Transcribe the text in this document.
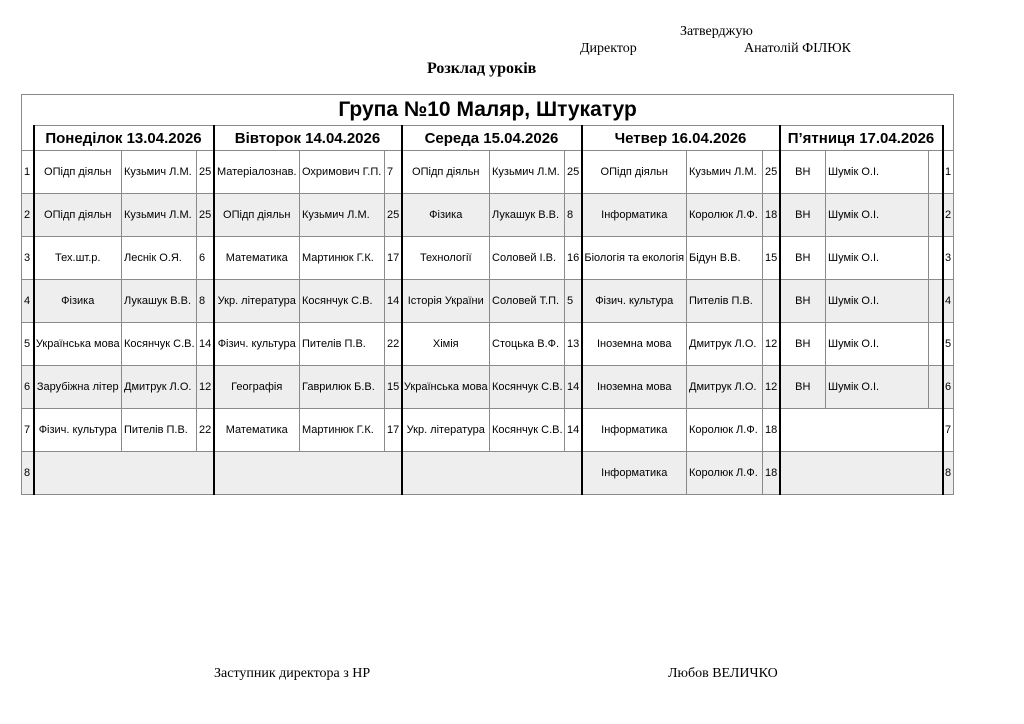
Затверджую
Директор	Анатолій ФІЛЮК
Розклад уроків
Група №10 Маляр, Штукатур																
	Понеділок 13.04.2026			Вівторок 14.04.2026			Середа 15.04.2026			Четвер 16.04.2026			П’ятниця 17.04.2026			
1	ОПідп діяльн	Кузьмич Л.М.	25	Матеріалознав.	Охримович Г.П.	7	ОПідп діяльн	Кузьмич Л.М.	25	ОПідп діяльн	Кузьмич Л.М.	25	ВН	Шумік О.І.		1
2	ОПідп діяльн	Кузьмич Л.М.	25	ОПідп діяльн	Кузьмич Л.М.	25	Фізика	Лукашук В.В.	8	Інформатика	Королюк Л.Ф.	18	ВН	Шумік О.І.		2
3	Тех.шт.р.	Леснік О.Я.	6	Математика	Мартинюк Г.К.	17	Технології	Соловей І.В.	16	Біологія та екологія	Бідун В.В.	15	ВН	Шумік О.І.		3
4	Фізика	Лукашук В.В.	8	Укр. література	Косянчук С.В.	14	Історія України	Соловей Т.П.	5	Фізич. культура	Пителів П.В.		ВН	Шумік О.І.		4
5	Українська мова	Косянчук С.В.	14	Фізич. культура	Пителів П.В.	22	Хімія	Стоцька В.Ф.	13	Іноземна мова	Дмитрук Л.О.	12	ВН	Шумік О.І.		5
6	Зарубіжна літер	Дмитрук Л.О.	12	Географія	Гаврилюк Б.В.	15	Українська мова	Косянчук С.В.	14	Іноземна мова	Дмитрук Л.О.	12	ВН	Шумік О.І.		6
7	Фізич. культура	Пителів П.В.	22	Математика	Мартинюк Г.К.	17	Укр. література	Косянчук С.В.	14	Інформатика	Королюк Л.Ф.	18				7
8										Інформатика	Королюк Л.Ф.	18				8
Заступник директора з НР	Любов ВЕЛИЧКО
